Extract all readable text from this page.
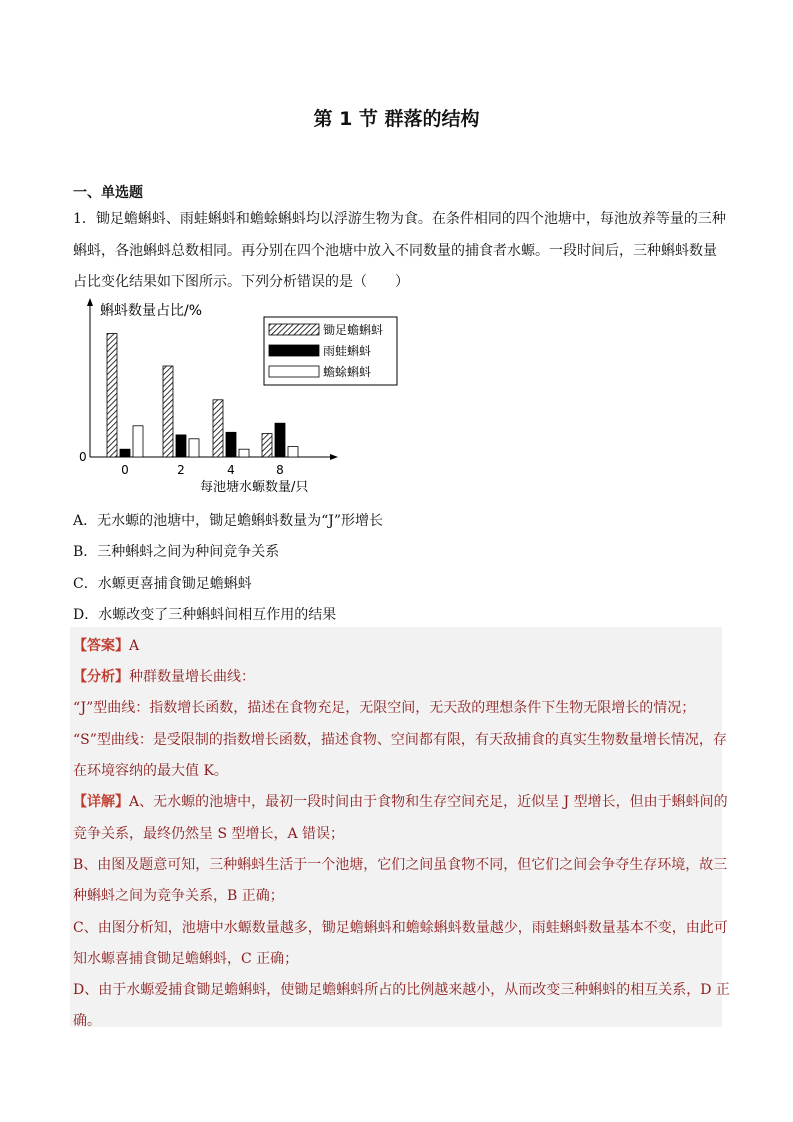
第 1 节 群落的结构
一、单选题
1．锄足蟾蝌蚪、雨蛙蝌蚪和蟾蜍蝌蚪均以浮游生物为食。在条件相同的四个池塘中，每池放养等量的三种
蝌蚪，各池蝌蚪总数相同。再分别在四个池塘中放入不同数量的捕食者水螈。一段时间后，三种蝌蚪数量
占比变化结果如下图所示。下列分析错误的是（　　）
蝌蚪数量占比/%
0
每池塘水螈数量/只
0	2	4	8
锄足蟾蝌蚪
雨蛙蝌蚪
蟾蜍蝌蚪
A．无水螈的池塘中，锄足蟾蝌蚪数量为“J”形增长
B．三种蝌蚪之间为种间竞争关系
C．水螈更喜捕食锄足蟾蝌蚪
D．水螈改变了三种蝌蚪间相互作用的结果
【答案】A
【分析】种群数量增长曲线：
“J”型曲线：指数增长函数，描述在食物充足，无限空间，无天敌的理想条件下生物无限增长的情况；
“S”型曲线：是受限制的指数增长函数，描述食物、空间都有限，有天敌捕食的真实生物数量增长情况，存
在环境容纳的最大值 K。
【详解】A、无水螈的池塘中，最初一段时间由于食物和生存空间充足，近似呈 J 型增长，但由于蝌蚪间的
竞争关系，最终仍然呈 S 型增长，A 错误；
B、由图及题意可知，三种蝌蚪生活于一个池塘，它们之间虽食物不同，但它们之间会争夺生存环境，故三
种蝌蚪之间为竞争关系，B 正确；
C、由图分析知，池塘中水螈数量越多，锄足蟾蝌蚪和蟾蜍蝌蚪数量越少，雨蛙蝌蚪数量基本不变，由此可
知水螈喜捕食锄足蟾蝌蚪，C 正确；
D、由于水螈爱捕食锄足蟾蝌蚪，使锄足蟾蝌蚪所占的比例越来越小，从而改变三种蝌蚪的相互关系，D 正
确。
